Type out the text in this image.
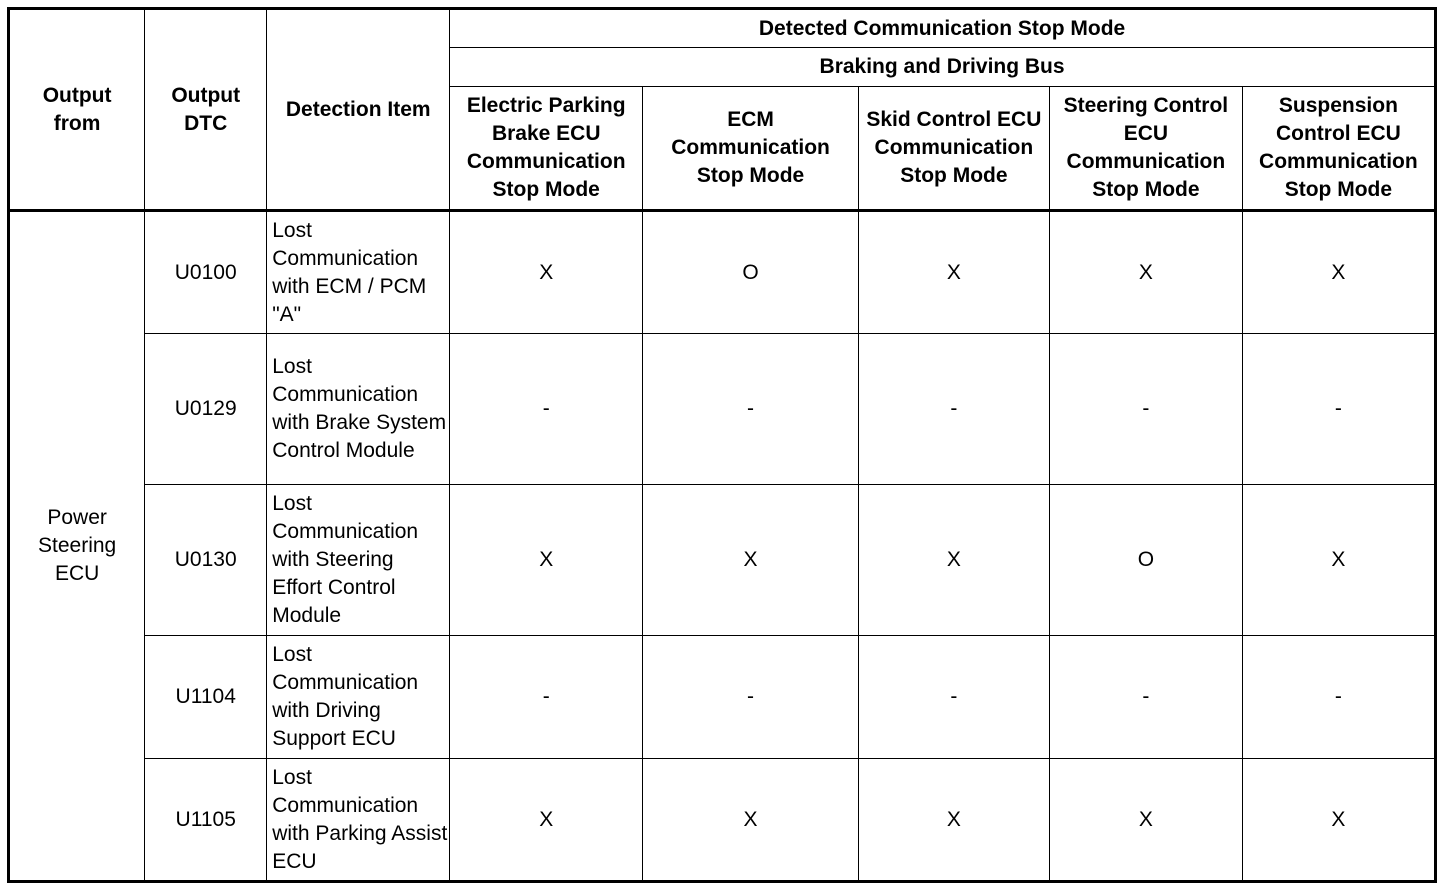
Output from	Output DTC	Detection Item	Detected Communication Stop Mode				
			Braking and Driving Bus				
			Electric Parking Brake ECU Communication Stop Mode	ECM Communication Stop Mode	Skid Control ECU Communication Stop Mode	Steering Control ECU Communication Stop Mode	Suspension Control ECU Communication Stop Mode
Power Steering ECU	U0100	Lost Communication with ECM / PCM "A"	X	O	X	X	X
	U0129	Lost Communication with Brake System Control Module	-	-	-	-	-
	U0130	Lost Communication with Steering Effort Control Module	X	X	X	O	X
	U1104	Lost Communication with Driving Support ECU	-	-	-	-	-
	U1105	Lost Communication with Parking Assist ECU	X	X	X	X	X
